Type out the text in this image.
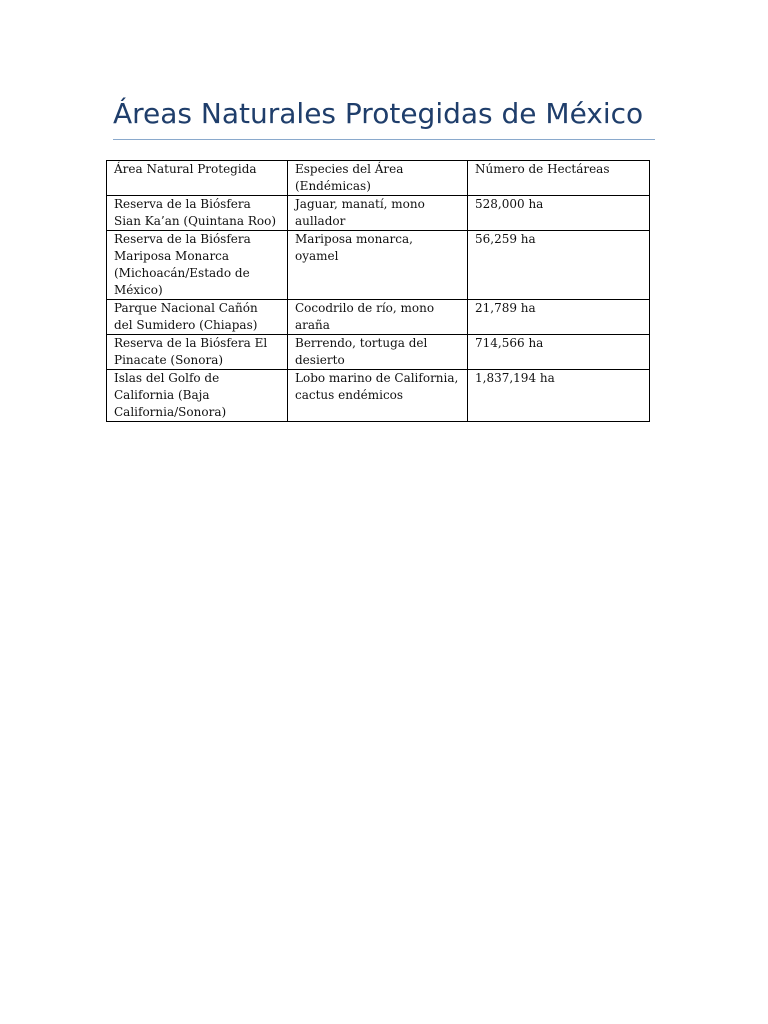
Áreas Naturales Protegidas de México
Área Natural Protegida	Especies del Área (Endémicas)	Número de Hectáreas
Reserva de la Biósfera Sian Ka’an (Quintana Roo)	Jaguar, manatí, mono aullador	528,000 ha
Reserva de la Biósfera Mariposa Monarca (Michoacán/Estado de México)	Mariposa monarca, oyamel	56,259 ha
Parque Nacional Cañón del Sumidero (Chiapas)	Cocodrilo de río, mono araña	21,789 ha
Reserva de la Biósfera El Pinacate (Sonora)	Berrendo, tortuga del desierto	714,566 ha
Islas del Golfo de California (Baja California/Sonora)	Lobo marino de California, cactus endémicos	1,837,194 ha
